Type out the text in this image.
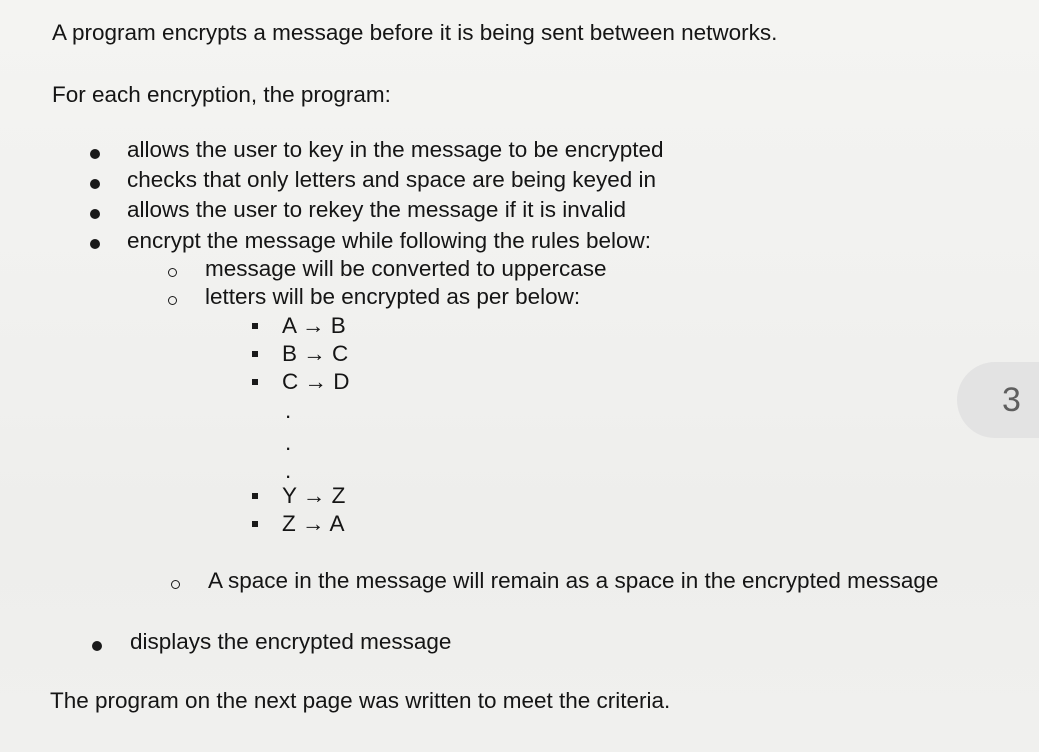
A program encrypts a message before it is being sent between networks.
For each encryption, the program:
allows the user to key in the message to be encrypted
checks that only letters and space are being keyed in
allows the user to rekey the message if it is invalid
encrypt the message while following the rules below:
message will be converted to uppercase
letters will be encrypted as per below:
A → B
B → C
C → D
.
.
.
Y → Z
Z → A
A space in the message will remain as a space in the encrypted message
displays the encrypted message
The program on the next page was written to meet the criteria.
3
